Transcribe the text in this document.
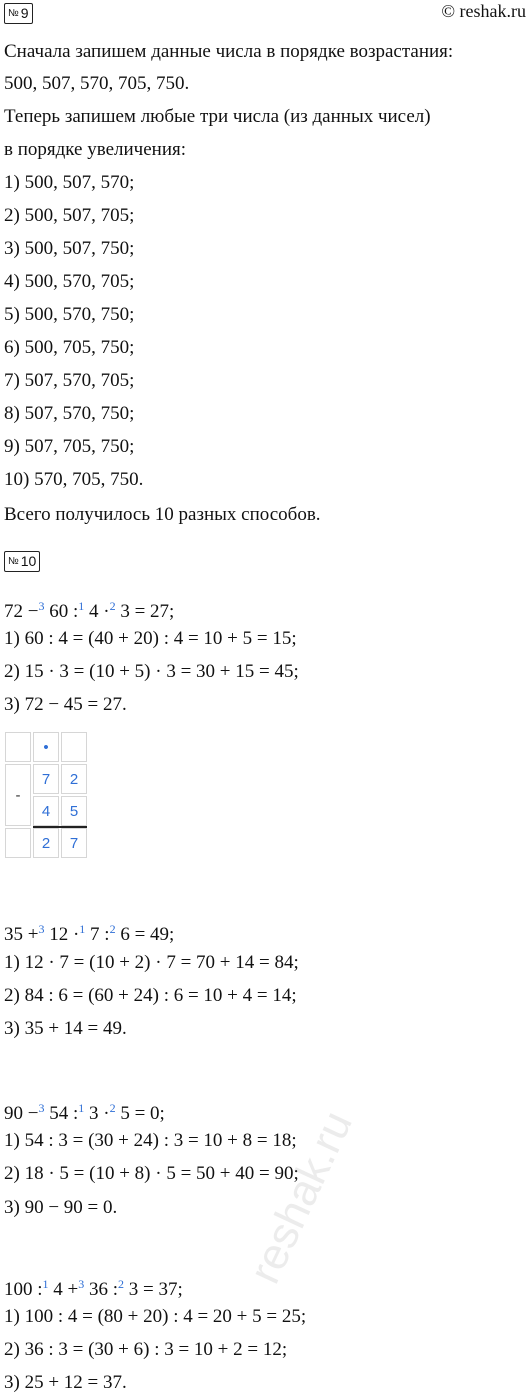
№ 9	© reshak.ru
Сначала запишем данные числа в порядке возрастания:
500, 507, 570, 705, 750.
Теперь запишем любые три числа (из данных чисел)
в порядке увеличения:
1) 500, 507, 570;
2) 500, 507, 705;
3) 500, 507, 750;
4) 500, 570, 705;
5) 500, 570, 750;
6) 500, 705, 750;
7) 507, 570, 705;
8) 507, 570, 750;
9) 507, 705, 750;
10) 570, 705, 750.
Всего получилось 10 разных способов.
№ 10
72 −$^3$ 60 :$^1$ 4 ·$^2$ 3 = 27;
1) 60 : 4 = (40 + 20) : 4 = 10 + 5 = 15;
2) 15 · 3 = (10 + 5) · 3 = 30 + 15 = 45;
3) 72 − 45 = 27.
•
-
7	2
4	5
2	7
35 +$^3$ 12 ·$^1$ 7 :$^2$ 6 = 49;
1) 12 · 7 = (10 + 2) · 7 = 70 + 14 = 84;
2) 84 : 6 = (60 + 24) : 6 = 10 + 4 = 14;
3) 35 + 14 = 49.
90 −$^3$ 54 :$^1$ 3 ·$^2$ 5 = 0;
1) 54 : 3 = (30 + 24) : 3 = 10 + 8 = 18;
2) 18 · 5 = (10 + 8) · 5 = 50 + 40 = 90;
3) 90 − 90 = 0.
100 :$^1$ 4 +$^3$ 36 :$^2$ 3 = 37;
1) 100 : 4 = (80 + 20) : 4 = 20 + 5 = 25;
2) 36 : 3 = (30 + 6) : 3 = 10 + 2 = 12;
3) 25 + 12 = 37.
reshak.ru
